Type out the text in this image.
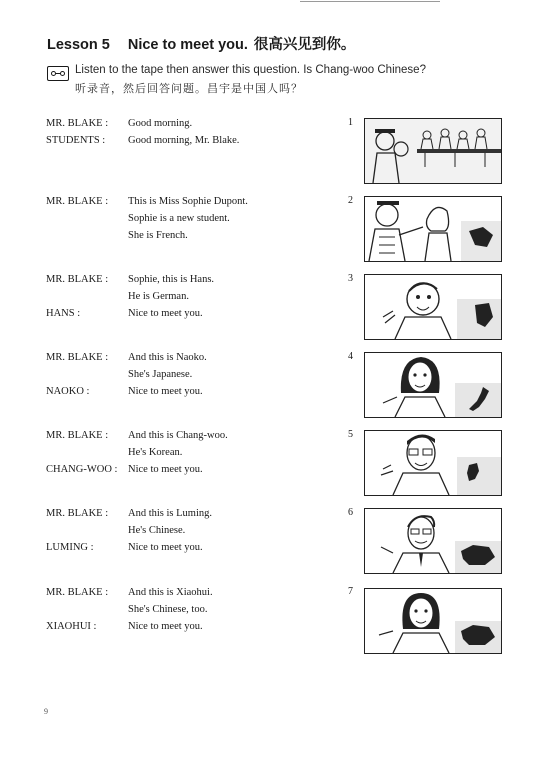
Lesson 5 Nice to meet you. 很高兴见到你。
Listen to the tape then answer this question. Is Chang-woo Chinese?
听录音，然后回答问题。昌宇是中国人吗？
MR. BLAKE : Good morning.
STUDENTS : Good morning, Mr. Blake.
1
MR. BLAKE : This is Miss Sophie Dupont.
Sophie is a new student.
She is French.
2
MR. BLAKE : Sophie, this is Hans.
He is German.
HANS :	Nice to meet you.
3
MR. BLAKE : And this is Naoko.
She's Japanese.
NAOKO :	Nice to meet you.
4
MR. BLAKE : And this is Chang-woo.
He's Korean.
CHANG-WOO : Nice to meet you.
5
MR. BLAKE : And this is Luming.
He's Chinese.
LUMING :	Nice to meet you.
6
MR. BLAKE : And this is Xiaohui.
She's Chinese, too.
XIAOHUI :	Nice to meet you.
7
9
